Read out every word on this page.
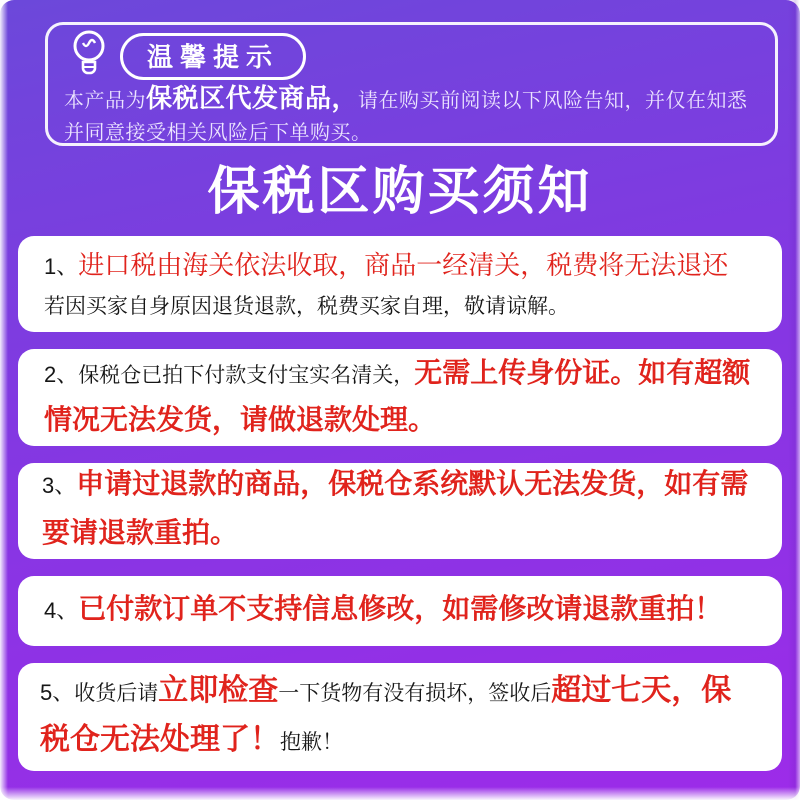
温馨提示
本产品为保税区代发商品，请在购买前阅读以下风险告知，并仅在知悉
并同意接受相关风险后下单购买。
保税区购买须知
1、进口税由海关依法收取，商品一经清关，税费将无法退还
若因买家自身原因退货退款，税费买家自理，敬请谅解。
2、保税仓已拍下付款支付宝实名清关，无需上传身份证。如有超额情况无法发货，请做退款处理。
3、申请过退款的商品，保税仓系统默认无法发货，如有需要请退款重拍。
4、已付款订单不支持信息修改，如需修改请退款重拍！
5、收货后请立即检查一下货物有没有损坏，签收后超过七天，保税仓无法处理了！抱歉！
